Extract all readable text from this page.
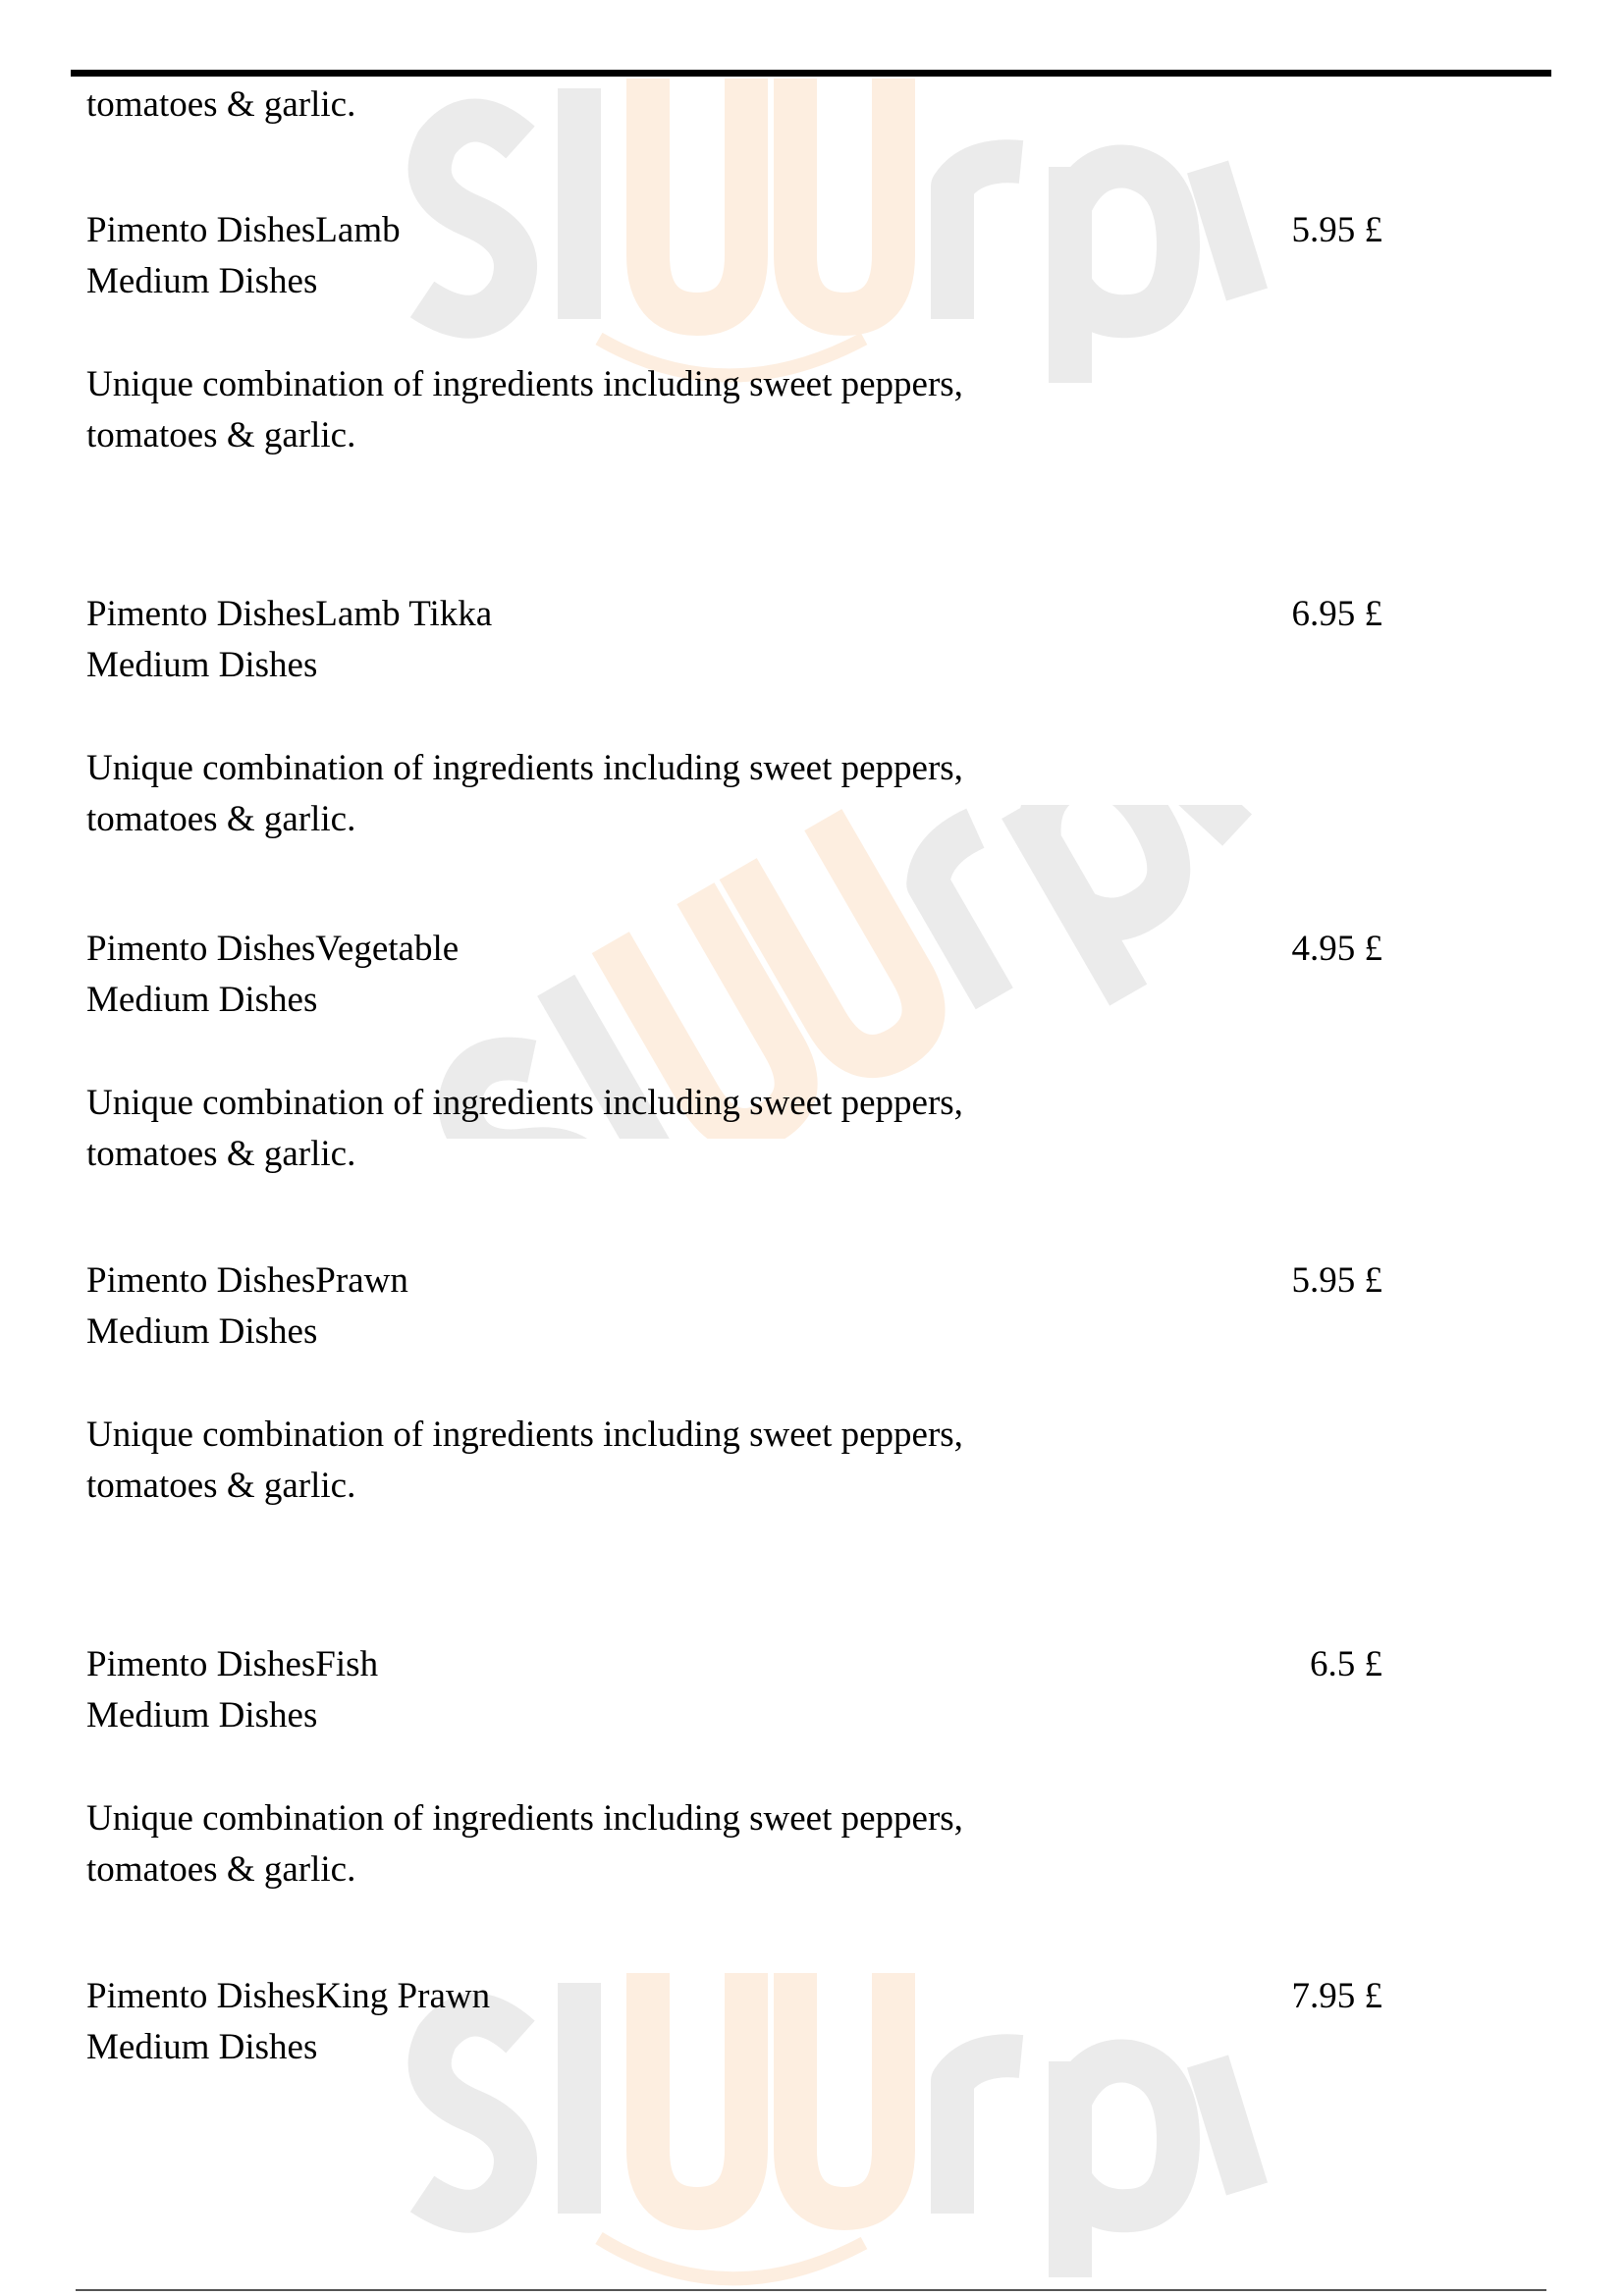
tomatoes & garlic.
Pimento DishesLamb
Medium Dishes
Unique combination of ingredients including sweet peppers,
tomatoes & garlic.
5.95 £
Pimento DishesLamb Tikka
Medium Dishes
Unique combination of ingredients including sweet peppers,
tomatoes & garlic.
6.95 £
Pimento DishesVegetable
Medium Dishes
Unique combination of ingredients including sweet peppers,
tomatoes & garlic.
4.95 £
Pimento DishesPrawn
Medium Dishes
Unique combination of ingredients including sweet peppers,
tomatoes & garlic.
5.95 £
Pimento DishesFish
Medium Dishes
Unique combination of ingredients including sweet peppers,
tomatoes & garlic.
6.5 £
Pimento DishesKing Prawn
Medium Dishes
7.95 £
